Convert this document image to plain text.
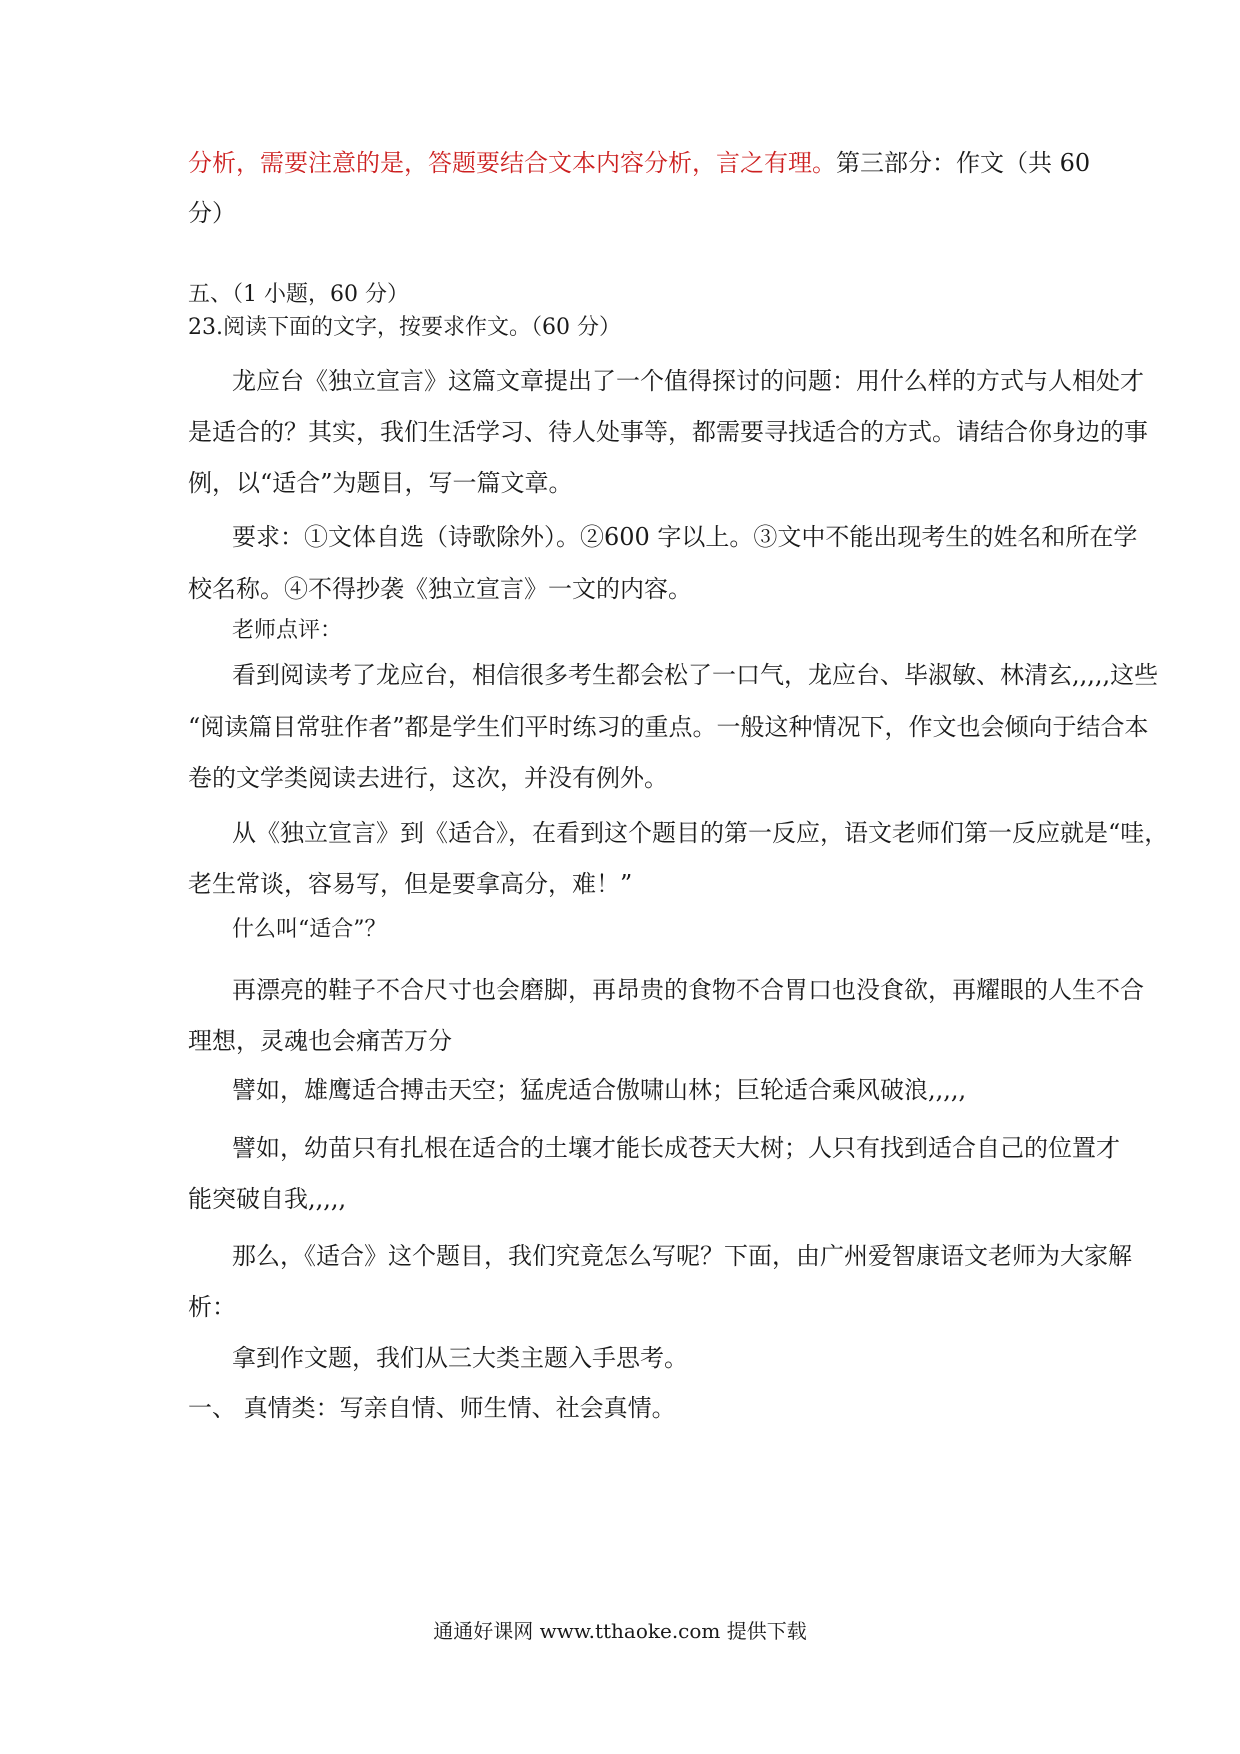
分析，需要注意的是，答题要结合文本内容分析，言之有理。第三部分：作文（共 60
分）
五、（1 小题，60 分）
23.阅读下面的文字，按要求作文。（60 分）
龙应台《独立宣言》这篇文章提出了一个值得探讨的问题：用什么样的方式与人相处才
是适合的？其实，我们生活学习、待人处事等，都需要寻找适合的方式。请结合你身边的事
例，以“适合”为题目，写一篇文章。
要求：①文体自选（诗歌除外）。②600 字以上。③文中不能出现考生的姓名和所在学
校名称。④不得抄袭《独立宣言》一文的内容。
老师点评：
看到阅读考了龙应台，相信很多考生都会松了一口气，龙应台、毕淑敏、林清玄,,,,,这些
“阅读篇目常驻作者”都是学生们平时练习的重点。一般这种情况下，作文也会倾向于结合本
卷的文学类阅读去进行，这次，并没有例外。
从《独立宣言》到《适合》，在看到这个题目的第一反应，语文老师们第一反应就是“哇，
老生常谈，容易写，但是要拿高分，难！”
什么叫“适合”？
再漂亮的鞋子不合尺寸也会磨脚，再昂贵的食物不合胃口也没食欲，再耀眼的人生不合
理想，灵魂也会痛苦万分
譬如，雄鹰适合搏击天空；猛虎适合傲啸山林；巨轮适合乘风破浪,,,,,
譬如，幼苗只有扎根在适合的土壤才能长成苍天大树；人只有找到适合自己的位置才
能突破自我,,,,,
那么，《适合》这个题目，我们究竟怎么写呢？下面，由广州爱智康语文老师为大家解
析：
拿到作文题，我们从三大类主题入手思考。
一、 真情类：写亲自情、师生情、社会真情。
通通好课网 www.tthaoke.com 提供下载
